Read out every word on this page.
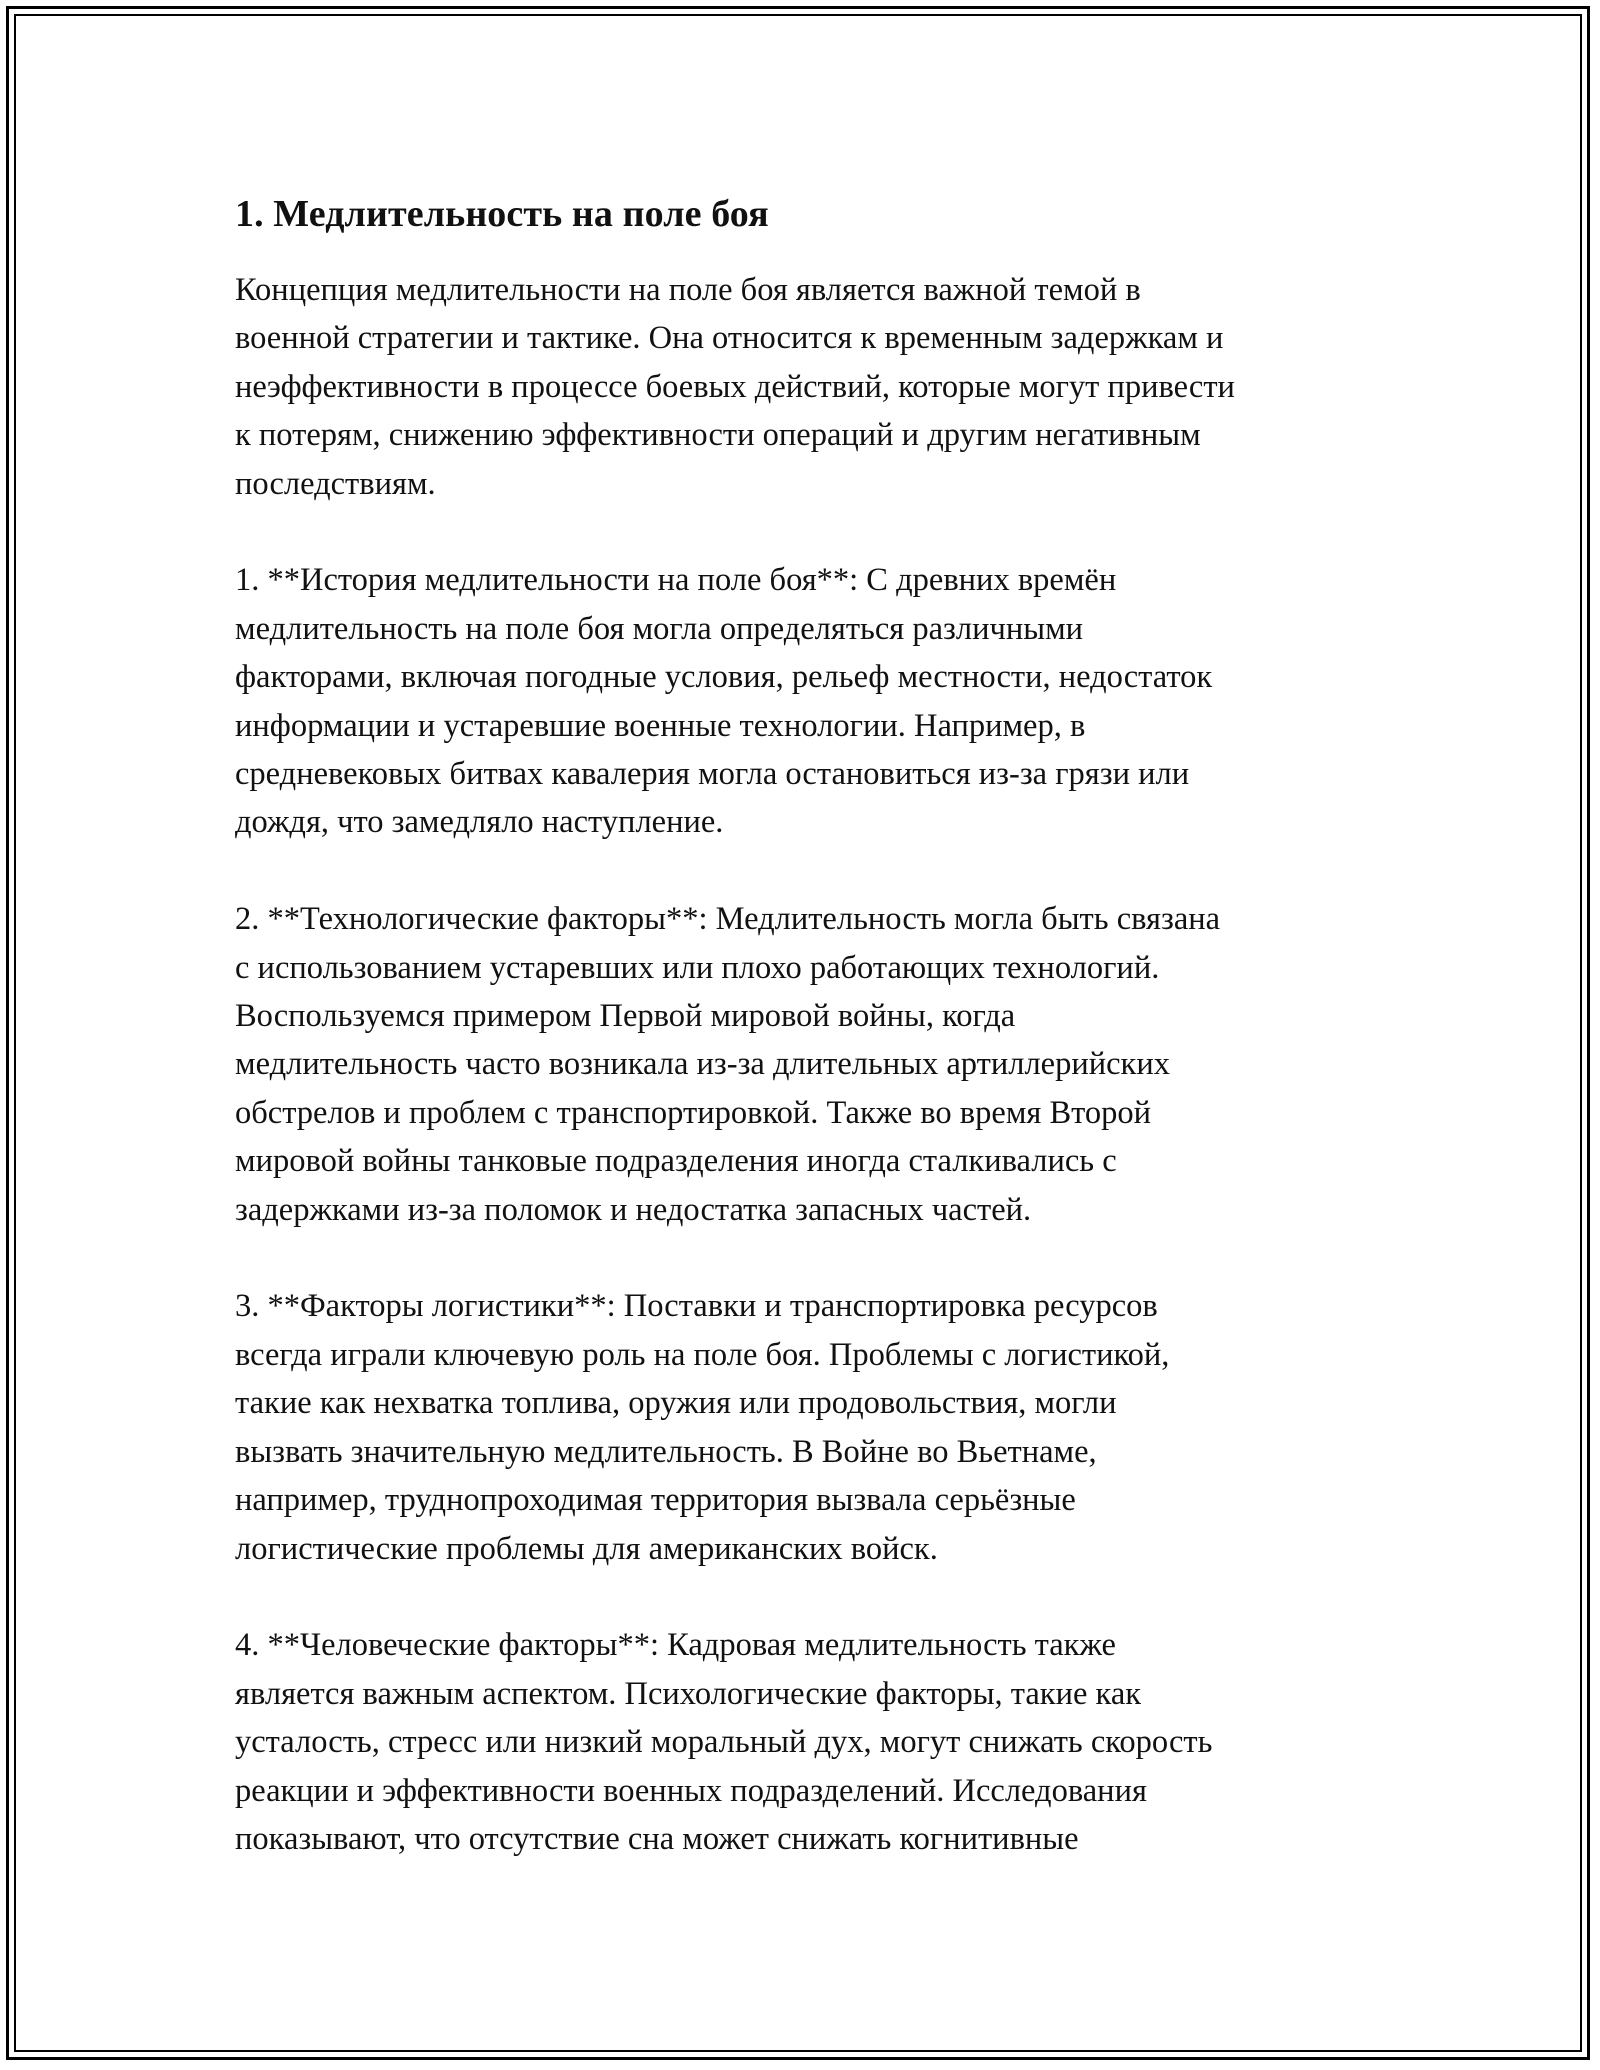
1. Медлительность на поле боя

Концепция медлительности на поле боя является важной темой в
военной стратегии и тактике. Она относится к временным задержкам и
неэффективности в процессе боевых действий, которые могут привести
к потерям, снижению эффективности операций и другим негативным
последствиям.

1. **История медлительности на поле боя**: С древних времён
медлительность на поле боя могла определяться различными
факторами, включая погодные условия, рельеф местности, недостаток
информации и устаревшие военные технологии. Например, в
средневековых битвах кавалерия могла остановиться из-за грязи или
дождя, что замедляло наступление.

2. **Технологические факторы**: Медлительность могла быть связана
с использованием устаревших или плохо работающих технологий.
Воспользуемся примером Первой мировой войны, когда
медлительность часто возникала из-за длительных артиллерийских
обстрелов и проблем с транспортировкой. Также во время Второй
мировой войны танковые подразделения иногда сталкивались с
задержками из-за поломок и недостатка запасных частей.

3. **Факторы логистики**: Поставки и транспортировка ресурсов
всегда играли ключевую роль на поле боя. Проблемы с логистикой,
такие как нехватка топлива, оружия или продовольствия, могли
вызвать значительную медлительность. В Войне во Вьетнаме,
например, труднопроходимая территория вызвала серьёзные
логистические проблемы для американских войск.

4. **Человеческие факторы**: Кадровая медлительность также
является важным аспектом. Психологические факторы, такие как
усталость, стресс или низкий моральный дух, могут снижать скорость
реакции и эффективности военных подразделений. Исследования
показывают, что отсутствие сна может снижать когнитивные
